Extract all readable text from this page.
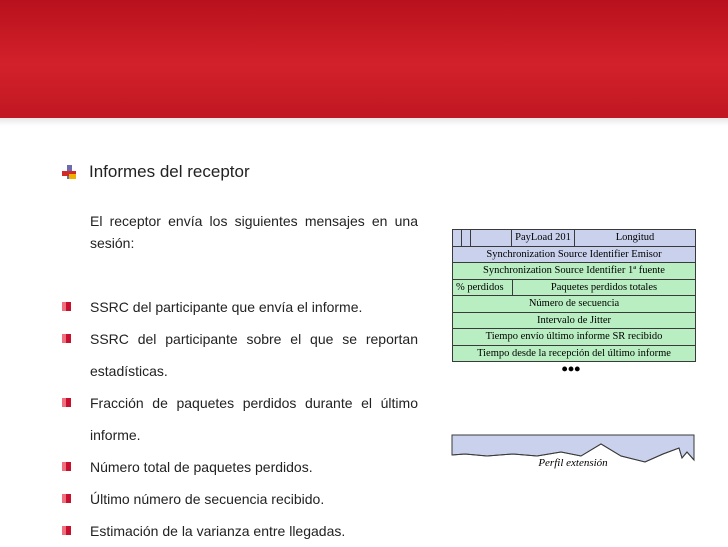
Informes del receptor
El receptor envía los siguientes mensajes en una sesión:
SSRC del participante que envía el informe.
SSRC del participante sobre el que se reportan estadísticas.
Fracción de paquetes perdidos durante el último informe.
Número total de paquetes perdidos.
Último número de secuencia recibido.
Estimación de la varianza entre llegadas.
PayLoad 201	Longitud
Synchronization Source Identifier Emisor
Synchronization Source Identifier 1ª fuente
% perdidos	Paquetes perdidos totales
Número de secuencia
Intervalo de Jitter
Tiempo envío último informe SR recibido
Tiempo desde la recepción del último informe
•••
Perfil extensión
